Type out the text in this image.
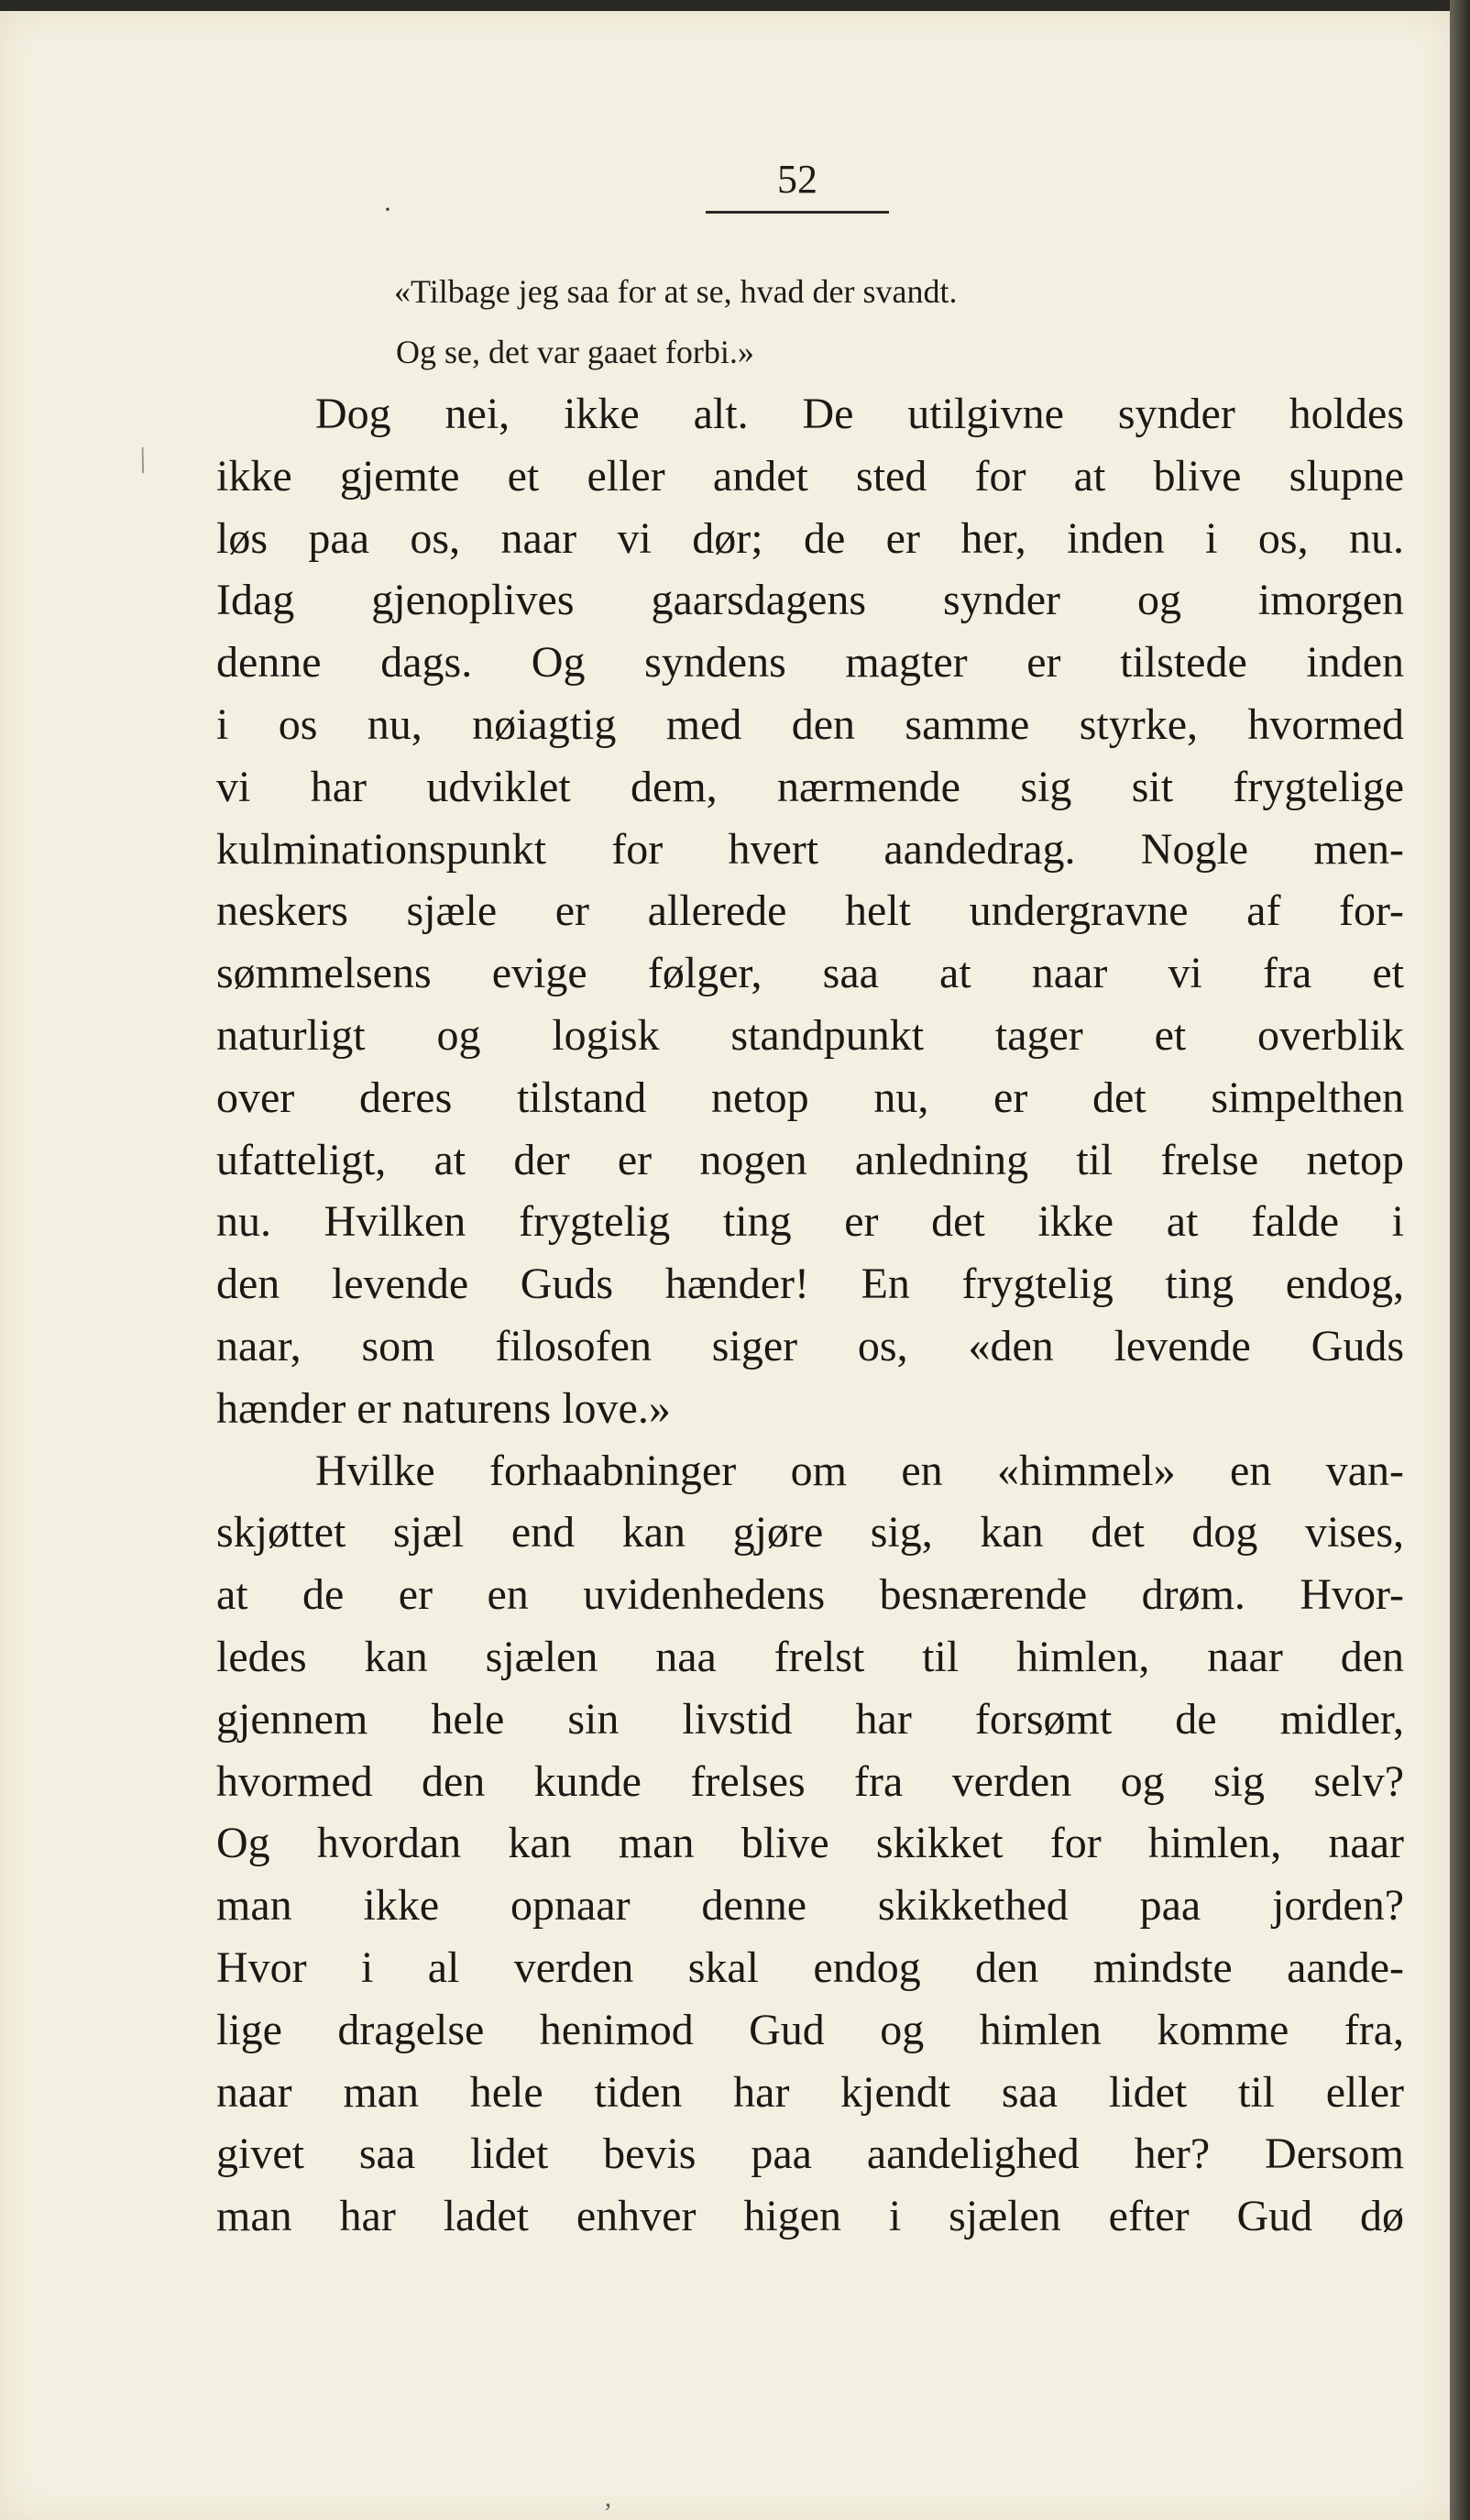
/
·
,
52
«Tilbage jeg saa for at se, hvad der svandt.
Og se, det var gaaet forbi.»
Dog nei, ikke alt. De utilgivne synder holdes
ikke gjemte et eller andet sted for at blive slupne
løs paa os, naar vi dør; de er her, inden i os, nu.
Idag gjenoplives gaarsdagens synder og imorgen
denne dags. Og syndens magter er tilstede inden
i os nu, nøiagtig med den samme styrke, hvormed
vi har udviklet dem, nærmende sig sit frygtelige
kulminationspunkt for hvert aandedrag. Nogle men-
neskers sjæle er allerede helt undergravne af for-
sømmelsens evige følger, saa at naar vi fra et
naturligt og logisk standpunkt tager et overblik
over deres tilstand netop nu, er det simpelthen
ufatteligt, at der er nogen anledning til frelse netop
nu. Hvilken frygtelig ting er det ikke at falde i
den levende Guds hænder! En frygtelig ting endog,
naar, som filosofen siger os, «den levende Guds
hænder er naturens love.»
Hvilke forhaabninger om en «himmel» en van-
skjøttet sjæl end kan gjøre sig, kan det dog vises,
at de er en uvidenhedens besnærende drøm. Hvor-
ledes kan sjælen naa frelst til himlen, naar den
gjennem hele sin livstid har forsømt de midler,
hvormed den kunde frelses fra verden og sig selv?
Og hvordan kan man blive skikket for himlen, naar
man ikke opnaar denne skikkethed paa jorden?
Hvor i al verden skal endog den mindste aande-
lige dragelse henimod Gud og himlen komme fra,
naar man hele tiden har kjendt saa lidet til eller
givet saa lidet bevis paa aandelighed her? Dersom
man har ladet enhver higen i sjælen efter Gud dø
